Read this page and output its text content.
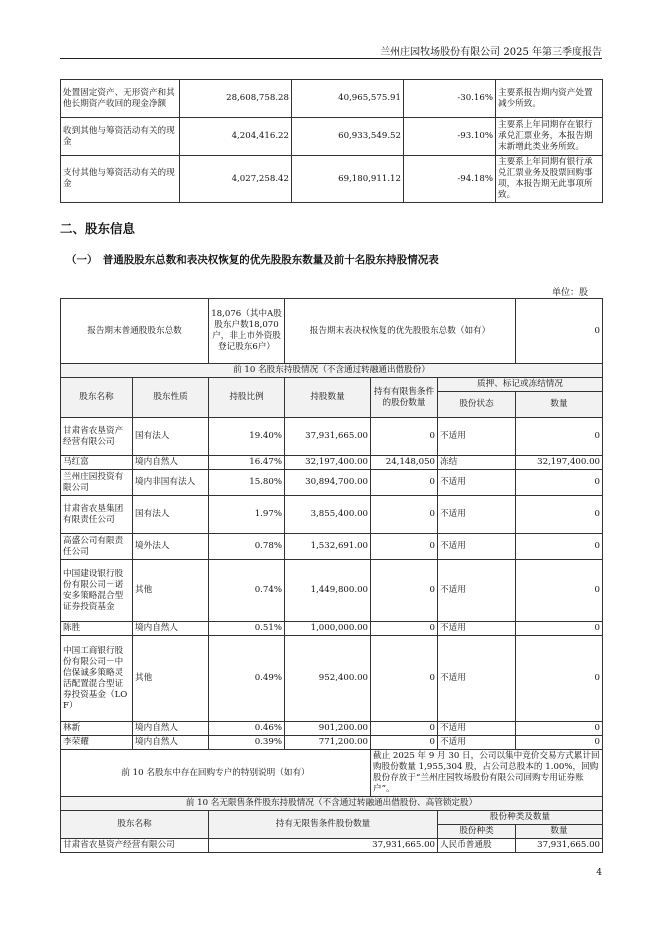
兰州庄园牧场股份有限公司 2025 年第三季度报告
处置固定资产、无形资产和其他长期资产收回的现金净额	28,608,758.28	40,965,575.91	-30.16%	主要系报告期内资产处置减少所致。
收到其他与筹资活动有关的现金	4,204,416.22	60,933,549.52	-93.10%	主要系上年同期存在银行承兑汇票业务，本报告期末新增此类业务所致。
支付其他与筹资活动有关的现金	4,027,258.42	69,180,911.12	-94.18%	主要系上年同期有银行承兑汇票业务及股票回购事项，本报告期无此事项所致。
二、股东信息
（一）　普通股股东总数和表决权恢复的优先股股东数量及前十名股东持股情况表
单位：股
报告期末普通股股东总数		18,076（其中A股股东户数18,070户，非上市外资股登记股东6户）	报告期末表决权恢复的优先股股东总数（如有）			0
前 10 名股东持股情况（不含通过转融通出借股份）						
股东名称	股东性质	持股比例	持股数量	持有有限售条件的股份数量	质押、标记或冻结情况	
					股份状态	数量
甘肃省农垦资产经营有限公司	国有法人	19.40%	37,931,665.00	0	不适用	0
马红富	境内自然人	16.47%	32,197,400.00	24,148,050	冻结	32,197,400.00
兰州庄园投资有限公司	境内非国有法人	15.80%	30,894,700.00	0	不适用	0
甘肃省农垦集团有限责任公司	国有法人	1.97%	3,855,400.00	0	不适用	0
高盛公司有限责任公司	境外法人	0.78%	1,532,691.00	0	不适用	0
中国建设银行股份有限公司－诺安多策略混合型证券投资基金	其他	0.74%	1,449,800.00	0	不适用	0
陈胜	境内自然人	0.51%	1,000,000.00	0	不适用	0
中国工商银行股份有限公司－中信保诚多策略灵活配置混合型证券投资基金（LOF）	其他	0.49%	952,400.00	0	不适用	0
林新	境内自然人	0.46%	901,200.00	0	不适用	0
李荣耀	境内自然人	0.39%	771,200.00	0	不适用	0
前 10 名股东中存在回购专户的特别说明（如有）				截止 2025 年 9 月 30 日，公司以集中竞价交易方式累计回购股份数量 1,955,304 股，占公司总股本的 1.00%，回购股份存放于“兰州庄园牧场股份有限公司回购专用证券账户”。		
前 10 名无限售条件股东持股情况（不含通过转融通出借股份、高管锁定股）						
股东名称		持有无限售条件股份数量			股份种类及数量	
					股份种类	数量
甘肃省农垦资产经营有限公司		37,931,665.00			人民币普通股	37,931,665.00
4
